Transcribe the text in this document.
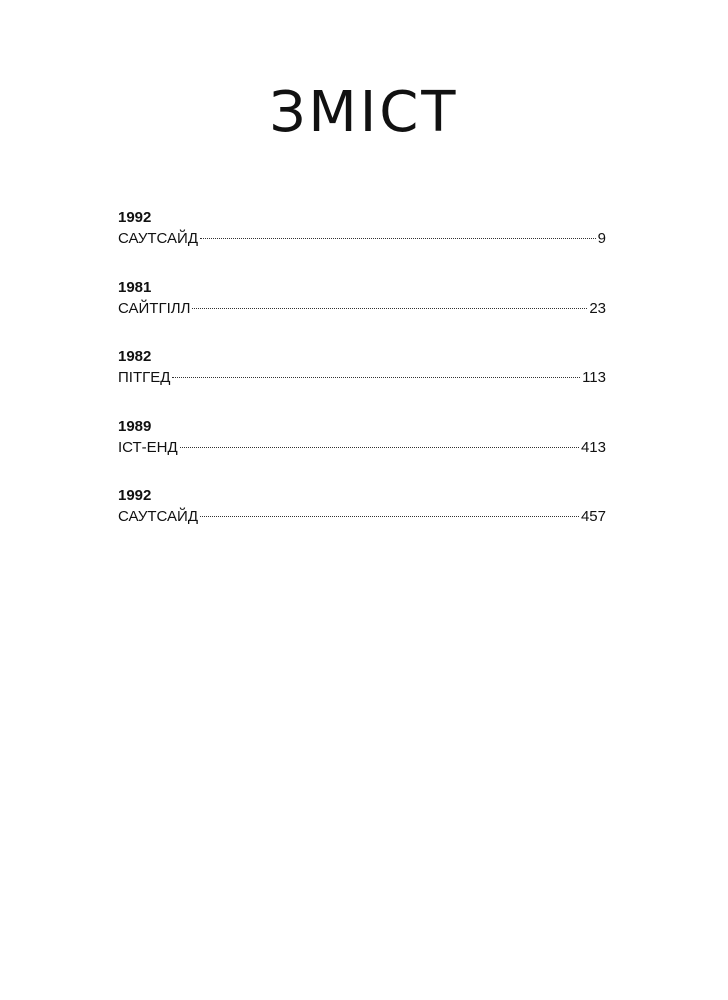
ЗМІСТ
1992
САУТСАЙД	9
1981
САЙТГІЛЛ	23
1982
ПІТГЕД	113
1989
ІСТ-ЕНД	413
1992
САУТСАЙД	457
